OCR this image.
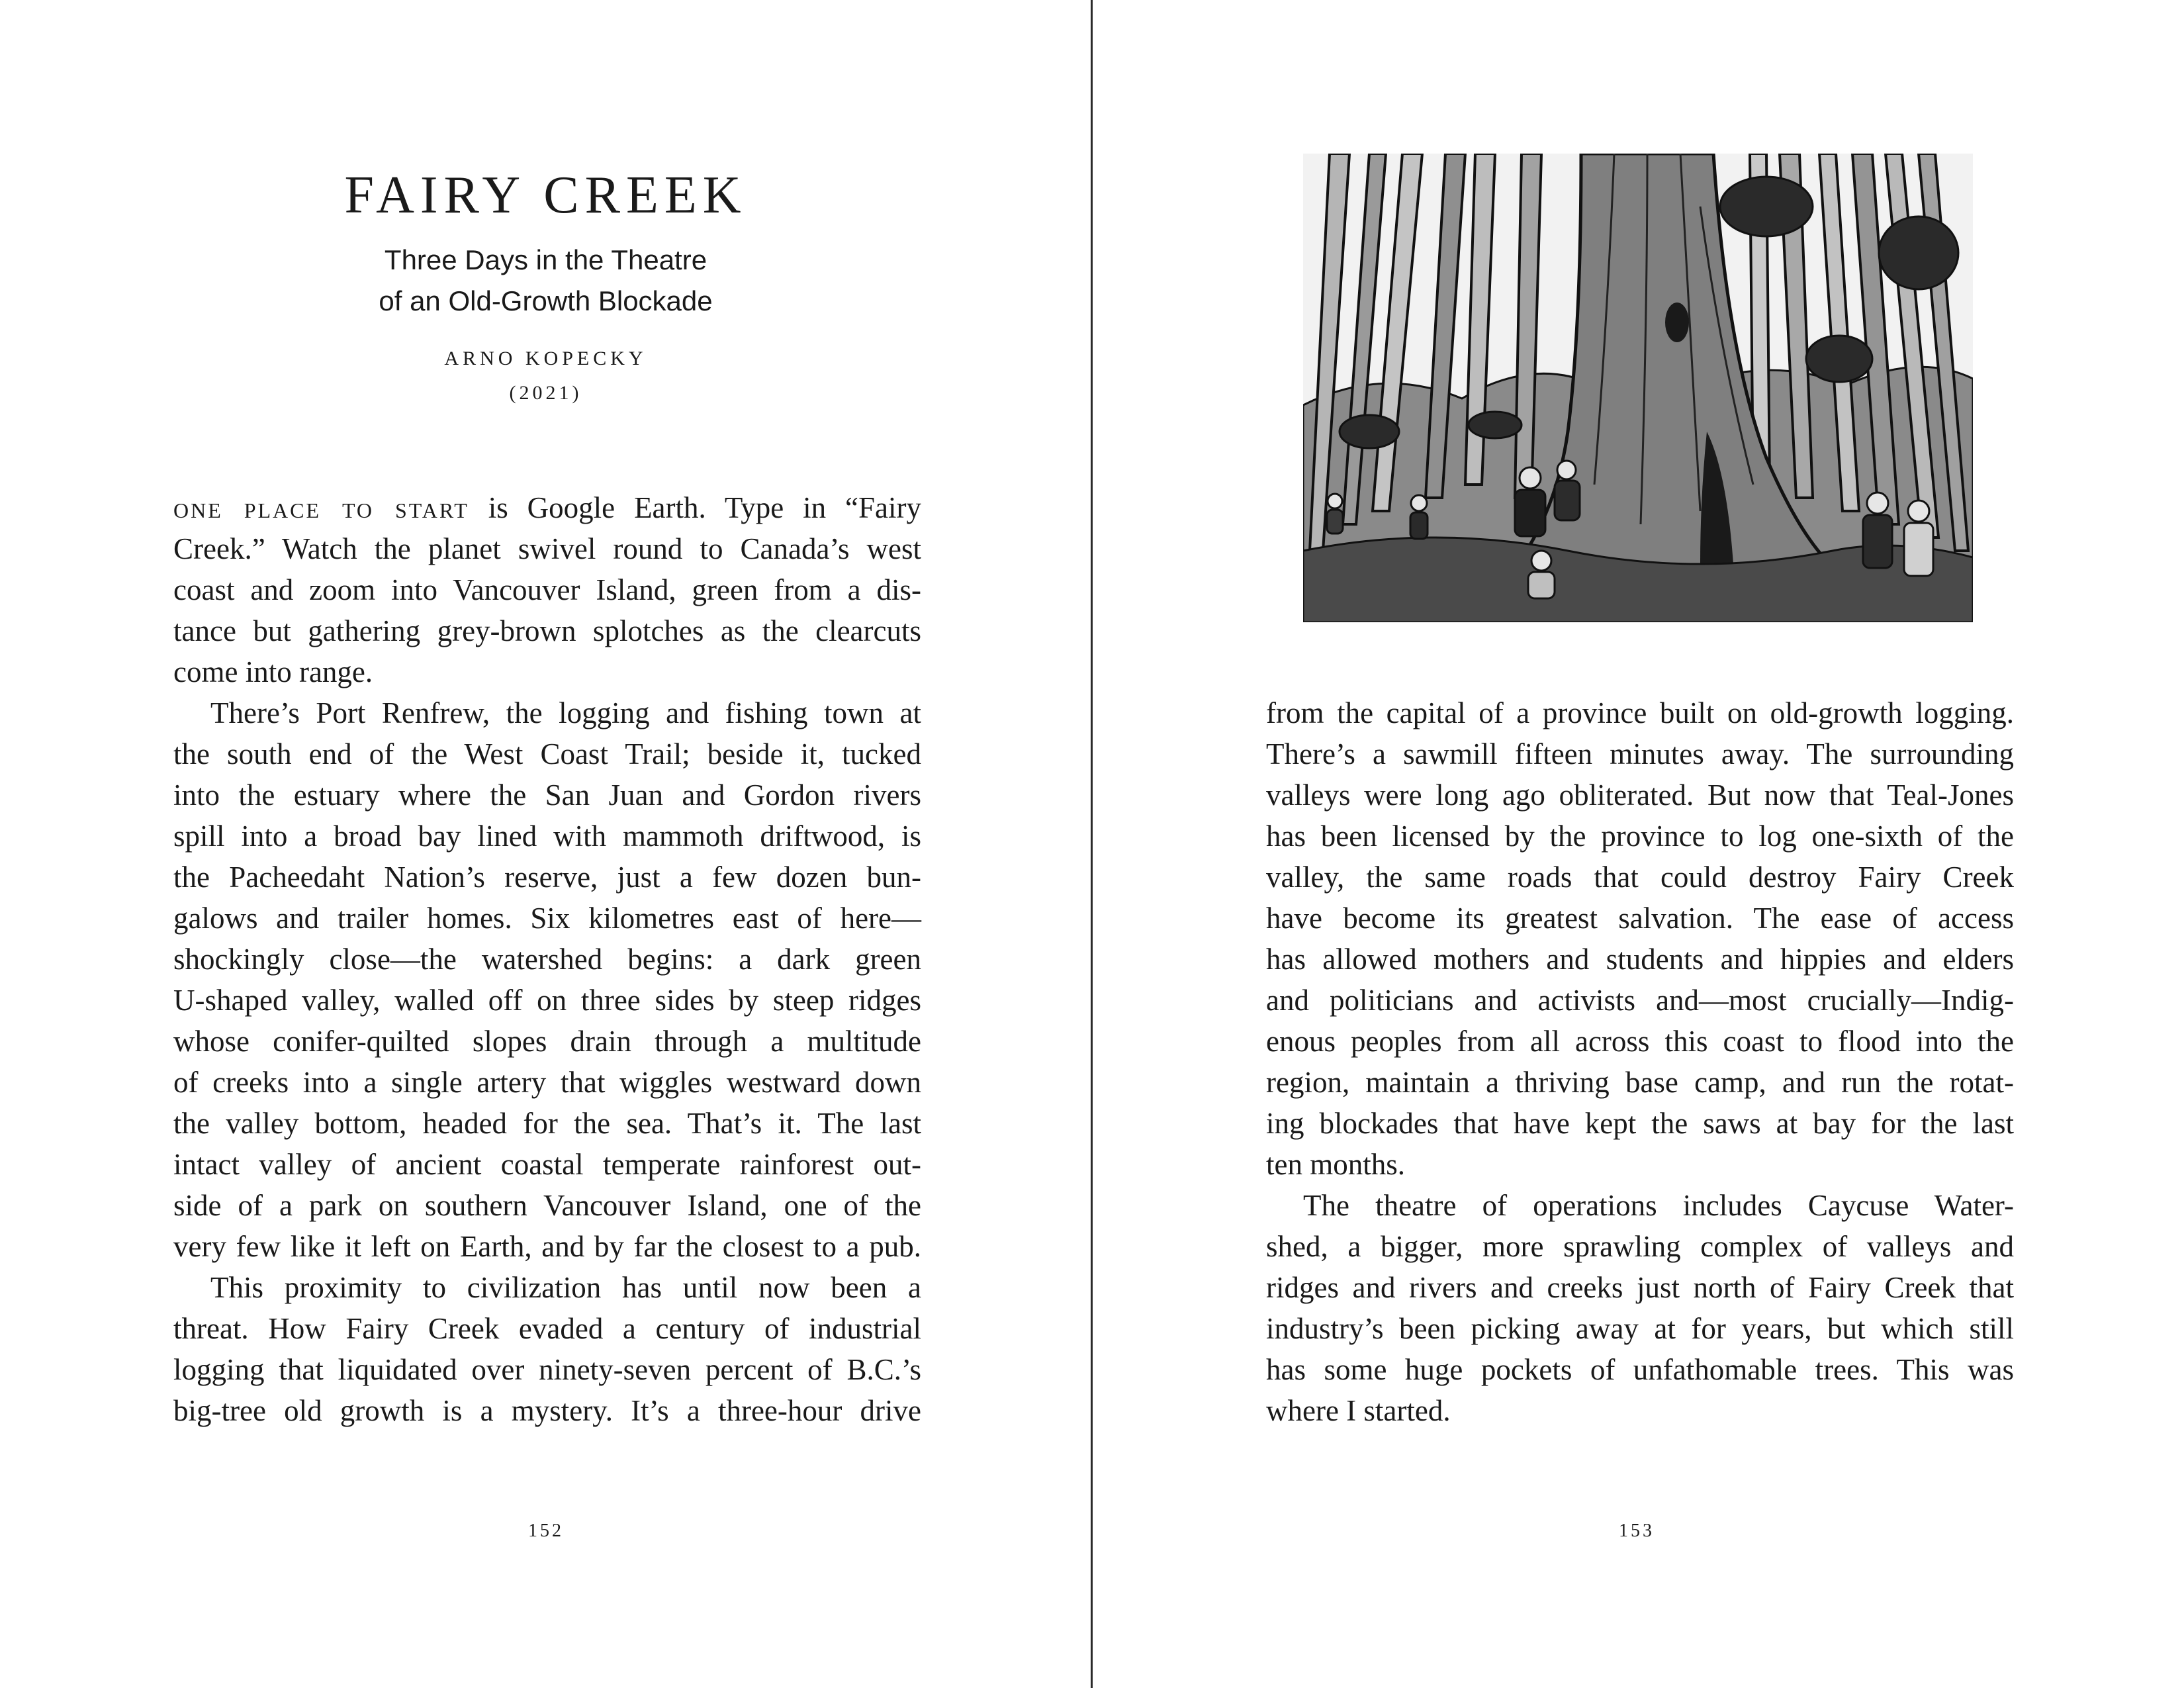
FAIRY CREEK
Three Days in the Theatre
of an Old-Growth Blockade
ARNO KOPECKY
(2021)
one place to start is Google Earth. Type in “Fairy
Creek.” Watch the planet swivel round to Canada’s west
coast and zoom into Vancouver Island, green from a dis-
tance but gathering grey-brown splotches as the clearcuts
come into range.
There’s Port Renfrew, the logging and fishing town at
the south end of the West Coast Trail; beside it, tucked
into the estuary where the San Juan and Gordon rivers
spill into a broad bay lined with mammoth driftwood, is
the Pacheedaht Nation’s reserve, just a few dozen bun-
galows and trailer homes. Six kilometres east of here—
shockingly close—the watershed begins: a dark green
U-shaped valley, walled off on three sides by steep ridges
whose conifer-quilted slopes drain through a multitude
of creeks into a single artery that wiggles westward down
the valley bottom, headed for the sea. That’s it. The last
intact valley of ancient coastal temperate rainforest out-
side of a park on southern Vancouver Island, one of the
very few like it left on Earth, and by far the closest to a pub.
This proximity to civilization has until now been a
threat. How Fairy Creek evaded a century of industrial
logging that liquidated over ninety-seven percent of B.C.’s
big-tree old growth is a mystery. It’s a three-hour drive
152
from the capital of a province built on old-growth logging.
There’s a sawmill fifteen minutes away. The surrounding
valleys were long ago obliterated. But now that Teal-Jones
has been licensed by the province to log one-sixth of the
valley, the same roads that could destroy Fairy Creek
have become its greatest salvation. The ease of access
has allowed mothers and students and hippies and elders
and politicians and activists and—most crucially—Indig-
enous peoples from all across this coast to flood into the
region, maintain a thriving base camp, and run the rotat-
ing blockades that have kept the saws at bay for the last
ten months.
The theatre of operations includes Caycuse Water-
shed, a bigger, more sprawling complex of valleys and
ridges and rivers and creeks just north of Fairy Creek that
industry’s been picking away at for years, but which still
has some huge pockets of unfathomable trees. This was
where I started.
153
